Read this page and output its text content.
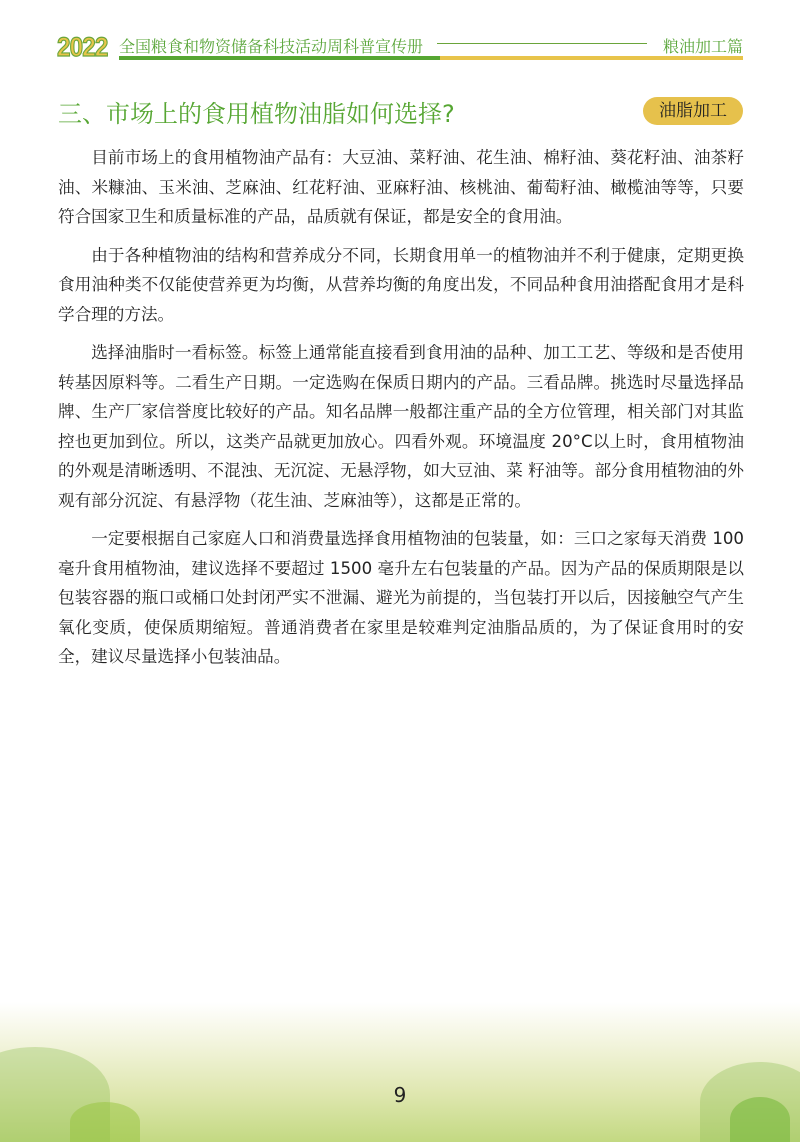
2022 全国粮食和物资储备科技活动周科普宣传册	粮油加工篇
三、市场上的食用植物油脂如何选择?	油脂加工

目前市场上的食用植物油产品有：大豆油、菜籽油、花生油、棉籽油、葵花籽油、油茶籽油、米糠油、玉米油、芝麻油、红花籽油、亚麻籽油、核桃油、葡萄籽油、橄榄油等等，只要符合国家卫生和质量标准的产品，品质就有保证，都是安全的食用油。

由于各种植物油的结构和营养成分不同，长期食用单一的植物油并不利于健康，定期更换食用油种类不仅能使营养更为均衡，从营养均衡的角度出发，不同品种食用油搭配食用才是科学合理的方法。

选择油脂时一看标签。标签上通常能直接看到食用油的品种、加工工艺、等级和是否使用转基因原料等。二看生产日期。一定选购在保质日期内的产品。三看品牌。挑选时尽量选择品牌、生产厂家信誉度比较好的产品。知名品牌一般都注重产品的全方位管理，相关部门对其监控也更加到位。所以，这类产品就更加放心。四看外观。环境温度 20°C以上时，食用植物油的外观是清晰透明、不混浊、无沉淀、无悬浮物，如大豆油、菜 籽油等。部分食用植物油的外观有部分沉淀、有悬浮物（花生油、芝麻油等），这都是正常的。

一定要根据自己家庭人口和消费量选择食用植物油的包装量，如：三口之家每天消费 100 毫升食用植物油，建议选择不要超过 1500 毫升左右包装量的产品。因为产品的保质期限是以包装容器的瓶口或桶口处封闭严实不泄漏、避光为前提的，当包装打开以后，因接触空气产生氧化变质，使保质期缩短。普通消费者在家里是较难判定油脂品质的，为了保证食用时的安全，建议尽量选择小包装油品。

9
